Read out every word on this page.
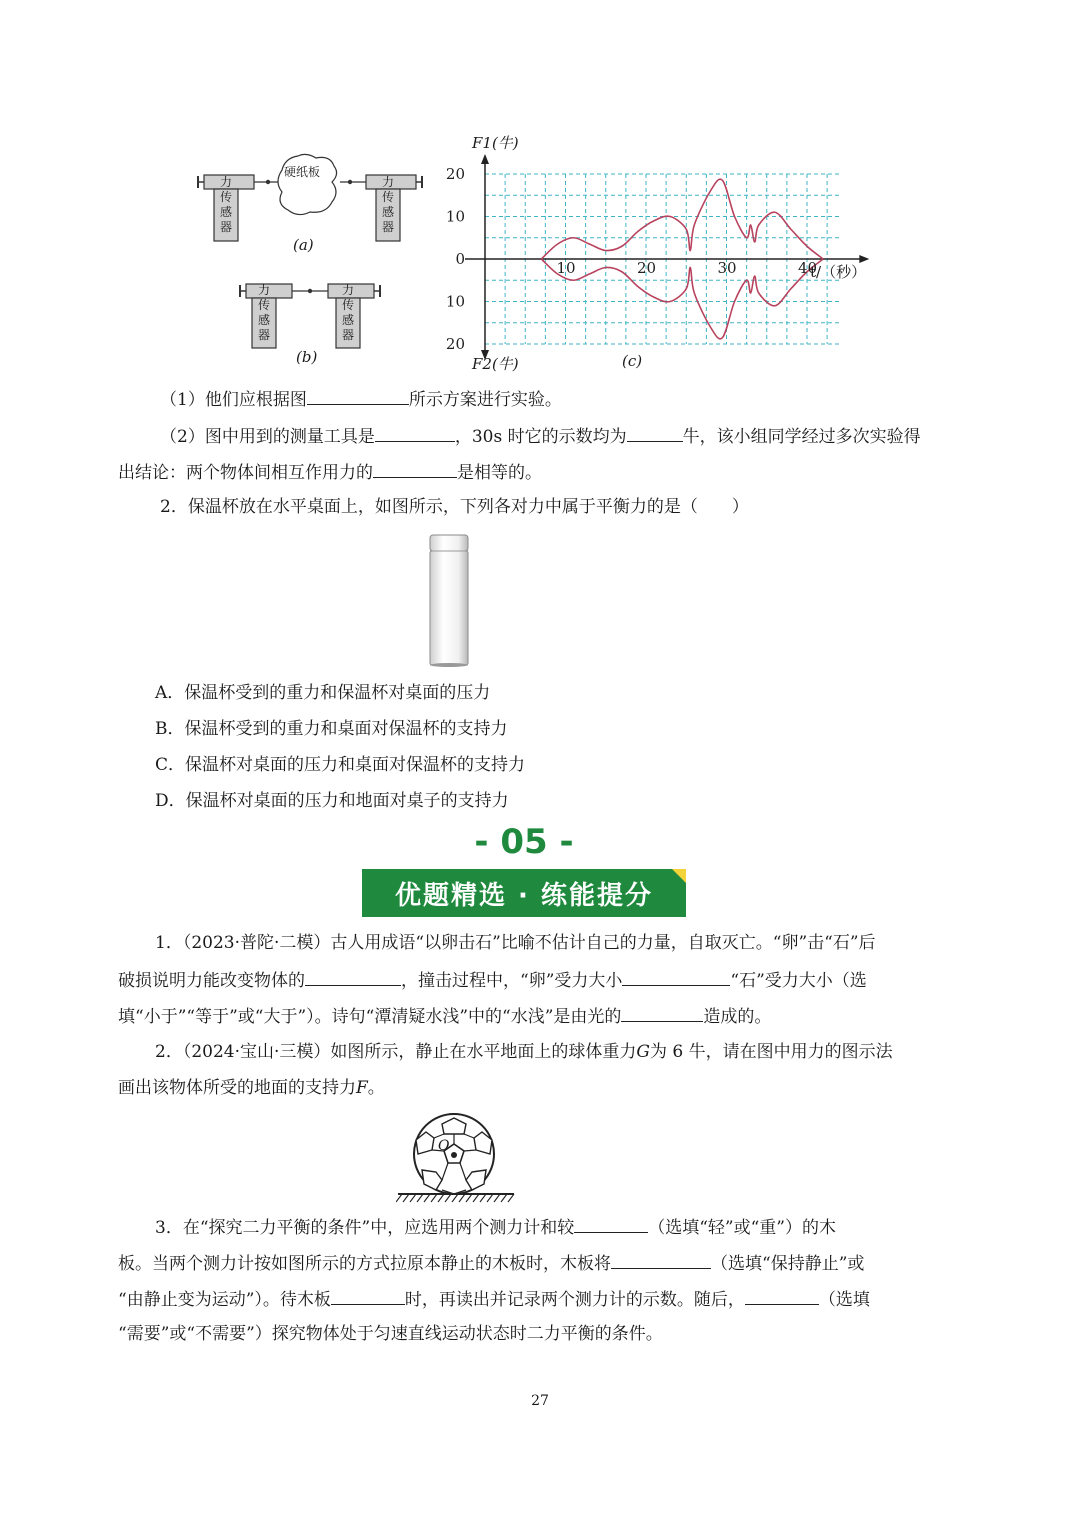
力
传
感
器
力
传
感
器
硬纸板
(a)
力
传
感
器
力
传
感
器
(b)
10	20	30	40
20
10
0
10
20
F1(牛)
F2(牛)
t/（秒）
(c)
（1）他们应根据图	所示方案进行实验。
（2）图中用到的测量工具是	，30s 时它的示数均为	牛，该小组同学经过多次实验得
出结论：两个物体间相互作用力的	是相等的。
2．保温杯放在水平桌面上，如图所示，下列各对力中属于平衡力的是（　　）
A．保温杯受到的重力和保温杯对桌面的压力
B．保温杯受到的重力和桌面对保温杯的支持力
C．保温杯对桌面的压力和桌面对保温杯的支持力
D．保温杯对桌面的压力和地面对桌子的支持力
- 05 -
优题精选 · 练能提分
1．（2023·普陀·二模）古人用成语“以卵击石”比喻不估计自己的力量，自取灭亡。“卵”击“石”后
破损说明力能改变物体的	，撞击过程中，“卵”受力大小	“石”受力大小（选
填“小于”“等于”或“大于”）。诗句“潭清疑水浅”中的“水浅”是由光的	造成的。
2．（2024·宝山·三模）如图所示，静止在水平地面上的球体重力G为 6 牛，请在图中用力的图示法
画出该物体所受的地面的支持力F。
O
3．在“探究二力平衡的条件”中，应选用两个测力计和较	（选填“轻”或“重”）的木
板。当两个测力计按如图所示的方式拉原本静止的木板时，木板将	（选填“保持静止”或
“由静止变为运动”）。待木板	时，再读出并记录两个测力计的示数。随后，	（选填
“需要”或“不需要”）探究物体处于匀速直线运动状态时二力平衡的条件。
27
